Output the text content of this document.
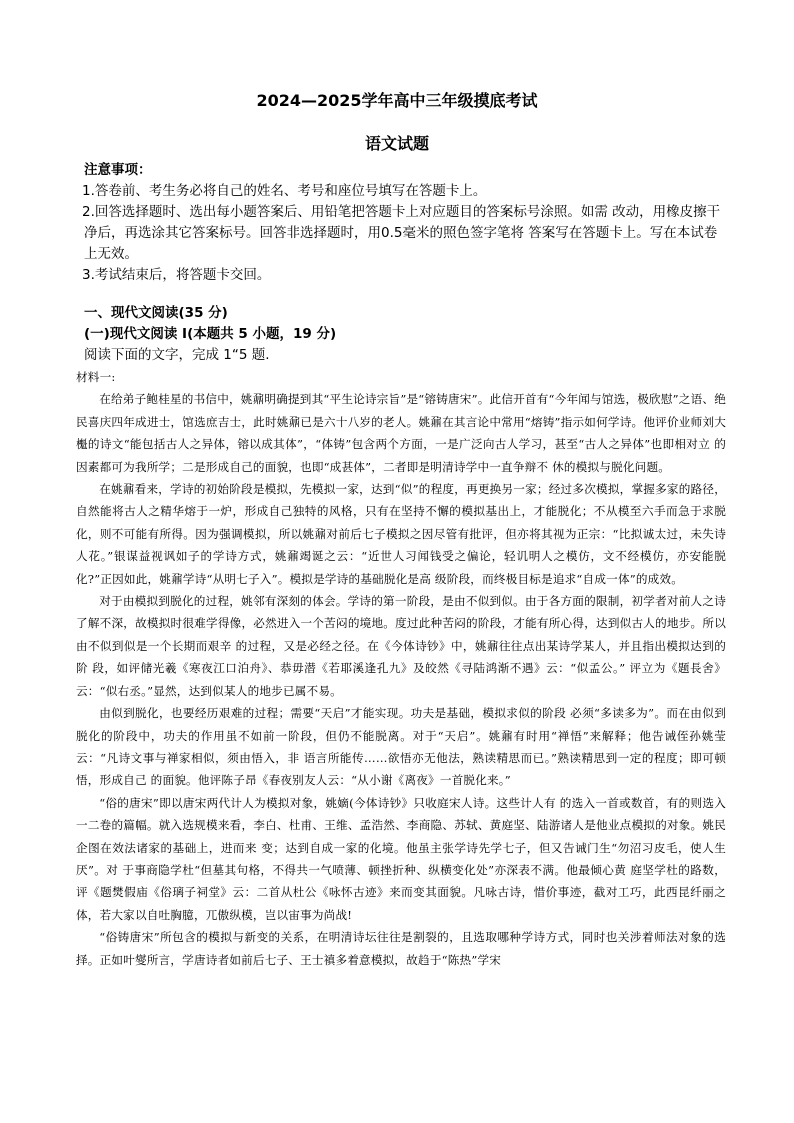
2024—2025学年高中三年级摸底考试
语文试题

注意事项：

1.答卷前、考生务必将自己的姓名、考号和座位号填写在答题卡上。

2.回答选择题时、选出每小题答案后、用铅笔把答题卡上对应题目的答案标号涂照。如需 改动，用橡皮擦干净后，再选涂其它答案标号。回答非选择题时，用0.5毫米的照色签字笔将 答案写在答题卡上。写在本试卷上无效。

3.考试结束后，将答题卡交回。

一、现代文阅读(35 分)

(一)现代文阅读 I(本题共 5 小题，19 分)

阅读下面的文字，完成 1“5 题.

材料一:

在给弟子鲍桂星的书信中，姚鼐明确提到其“平生论诗宗旨”是“镕铸唐宋”。此信开首有“今年闻与馆选，极欣慰”之语、绝民喜庆四年成进士，馆选庶吉士，此时姚鼐已是六十八岁的老人。姚鼐在其言论中常用“熔铸”指示如何学诗。他评价业师刘大櫆的诗文“能包括古人之异体，镕以成其体”，“体铸”包含两个方面，一是广泛向古人学习，甚至“古人之异体”也即相对立 的因素都可为我所学；二是形成自己的面貌，也即“成甚体”，二者即是明清诗学中一直争辩不 休的模拟与脱化问题。

在姚鼐看来，学诗的初始阶段是模拟，先模拟一家，达到“似”的程度，再更换另一家；经过多次模拟，掌握多家的路径，自然能将古人之精华熔于一炉，形成自己独特的风格，只有在坚持不懈的模拟基出上，才能脱化；不从模至六手而急于求脱化，则不可能有所得。因为强调模拟，所以姚鼐对前后七子模拟之因尽管有批评，但亦将其视为正宗：“比拟诚太过，未失诗人花。”银谋益视讽如子的学诗方式，姚鼐竭诞之云：“近世人习闻钱受之偏论，轻讥明人之模仿，文不经模仿，亦安能脱化?”正因如此，姚鼐学诗“从明七子入”。模拟是学诗的基础脱化是高 级阶段，而终极目标是追求“自成一体”的成效。

对于由模拟到脱化的过程，姚邻有深刻的体会。学诗的第一阶段，是由不似到似。由于各方面的限制，初学者对前人之诗了解不深，故模拟时很难学得像，必然进入一个苦闷的境地。度过此种苦闷的阶段，才能有所心得，达到似古人的地步。所以由不似到似是一个长期而艰辛 的过程，又是必经之径。在《今体诗钞》中，姚鼐往往点出某诗学某人，并且指出模拟达到的阶 段，如评储光羲《寒夜江口泊舟》、恭毋潜《若耶溪逢孔九》及皎然《寻陆鸿渐不遇》云：“似孟公。” 评立为《题長舍》云：“似右丞。”显然，达到似某人的地步已属不易。

由似到脱化，也要经历艰难的过程；需要“天启”才能实现。功夫是基础，模拟求似的阶段 必须“多读多为”。而在由似到脱化的阶段中，功夫的作用虽不如前一阶段，但仍不能脱离。对于“天启”。姚鼐有时用“禅悟”来解释；他告诫侄孙姚莹云：“凡诗文事与禅家相似，须由悟入，非 语言所能传……欲悟亦无他法，熟读精思而已。”熟读精思到一定的程度；即可顿悟，形成自己 的面貌。他评陈子昂《春夜别友人云：“从小谢《离夜》一首脱化来。”

“俗的唐宋”即以唐宋两代计人为模拟对象，姚嫡(今体诗钞》只收庭宋人诗。这些计人有 的选入一首或数首，有的则选入一二卷的篇幅。就入选规模来看，李白、杜甫、王维、孟浩然、李商隐、苏轼、黄庭坚、陆游诸人是他业点模拟的对象。姚民企图在效法诸家的基础上，进而来 变；达到自成一家的化境。他虽主张学诗先学七子，但又告诫门生“勿沼习皮毛，使人生厌”。对 于事商隐学杜“但墓其句格，不得共一气喷薄、顿挫折种、纵横变化处”亦深表不满。他最倾心黄 庭坚学杜的路数，评《题燓假庙《俗璃子祠堂》云：二首从杜公《咏怀古迹》来而变其面貌。凡咏古诗，惜价事迹，截对工巧，此西昆纤丽之体，若大家以自吐胸臆，兀傲纵模，岂以宙事为尚战!

“俗铸唐宋”所包含的模拟与新变的关系，在明清诗坛往往是割裂的，且选取哪种学诗方式，同时也关涉着师法对象的选择。正如叶燮所言，学唐诗者如前后七子、王士禛多着意模拟，故趋于“陈热”学宋
